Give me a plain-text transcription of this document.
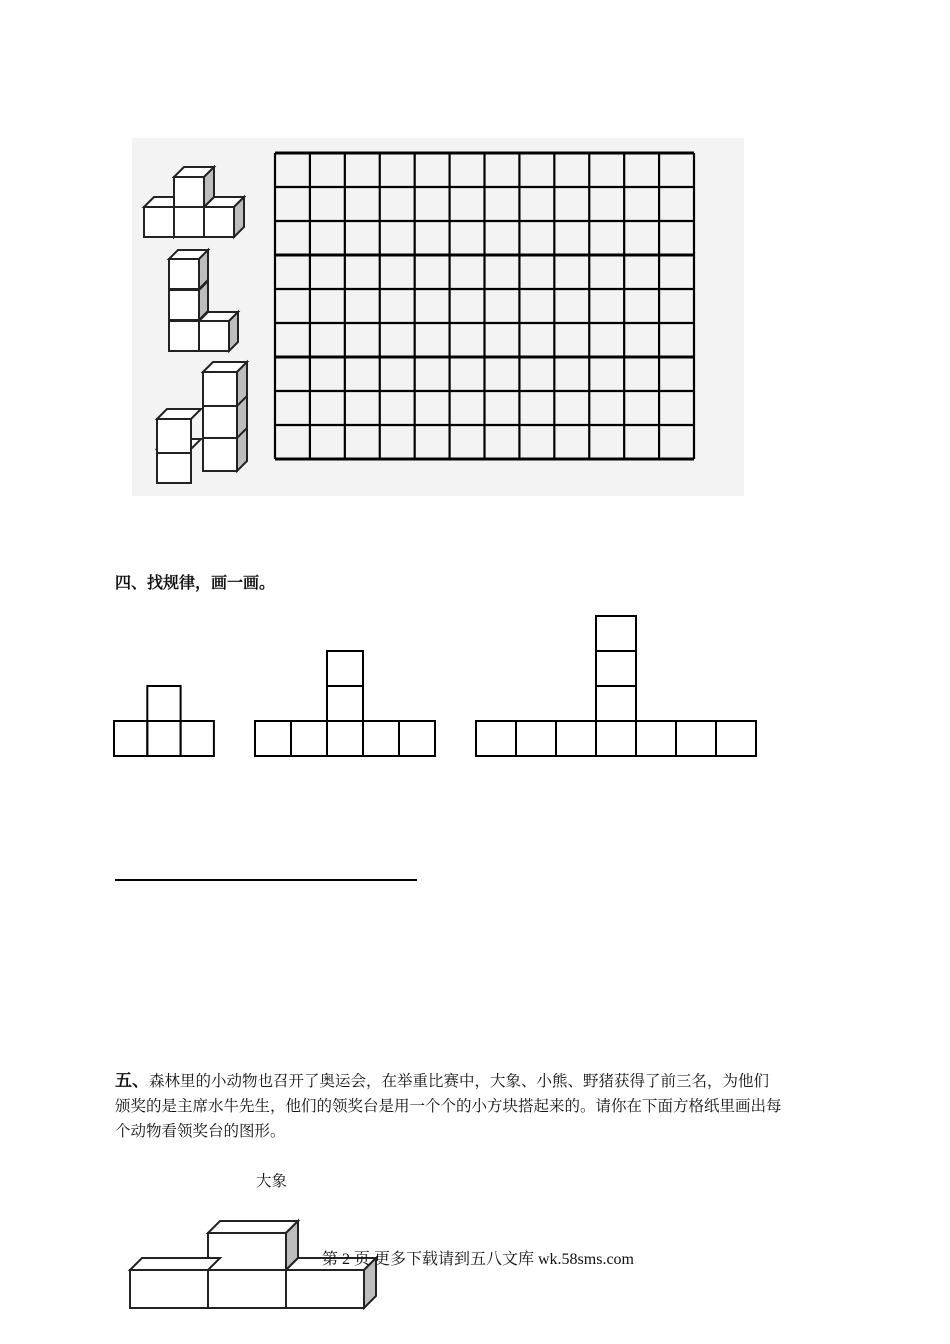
四、找规律，画一画。
五、森林里的小动物也召开了奥运会，在举重比赛中，大象、小熊、野猪获得了前三名，为他们
颁奖的是主席水牛先生，他们的领奖台是用一个个的小方块搭起来的。请你在下面方格纸里画出每
个动物看领奖台的图形。
大象
第 2 页 更多下载请到五八文库 wk.58sms.com
